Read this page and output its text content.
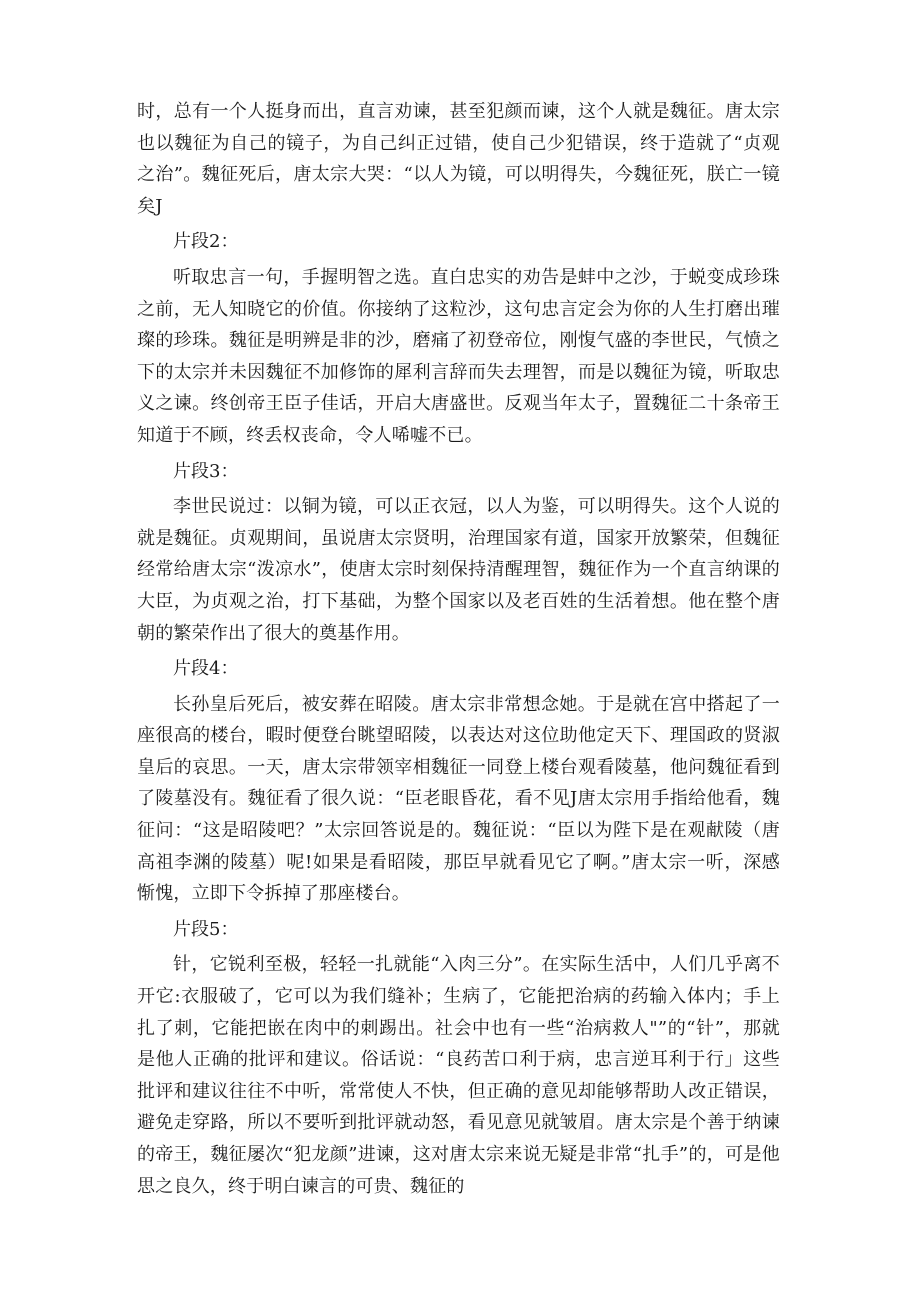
时，总有一个人挺身而出，直言劝谏，甚至犯颜而谏，这个人就是魏征。唐太宗也以魏征为自己的镜子，为自己纠正过错，使自己少犯错误，终于造就了“贞观之治”。魏征死后，唐太宗大哭：“以人为镜，可以明得失，今魏征死，朕亡一镜矣J

片段2：

听取忠言一句，手握明智之选。直白忠实的劝告是蚌中之沙，于蜕变成珍珠之前，无人知晓它的价值。你接纳了这粒沙，这句忠言定会为你的人生打磨出璀璨的珍珠。魏征是明辨是非的沙，磨痛了初登帝位，刚愎气盛的李世民，气愤之下的太宗并未因魏征不加修饰的犀利言辞而失去理智，而是以魏征为镜，听取忠义之谏。终创帝王臣子佳话，开启大唐盛世。反观当年太子，置魏征二十条帝王知道于不顾，终丢权丧命，令人唏嘘不已。

片段3：

李世民说过：以铜为镜，可以正衣冠，以人为鉴，可以明得失。这个人说的就是魏征。贞观期间，虽说唐太宗贤明，治理国家有道，国家开放繁荣，但魏征经常给唐太宗“泼凉水”，使唐太宗时刻保持清醒理智，魏征作为一个直言纳课的大臣，为贞观之治，打下基础，为整个国家以及老百姓的生活着想。他在整个唐朝的繁荣作出了很大的奠基作用。

片段4：

长孙皇后死后，被安葬在昭陵。唐太宗非常想念她。于是就在宫中搭起了一座很高的楼台，暇时便登台眺望昭陵，以表达对这位助他定天下、理国政的贤淑皇后的哀思。一天，唐太宗带领宰相魏征一同登上楼台观看陵墓，他问魏征看到了陵墓没有。魏征看了很久说：“臣老眼昏花，看不见J唐太宗用手指给他看，魏征问：“这是昭陵吧？”太宗回答说是的。魏征说：“臣以为陛下是在观献陵（唐高祖李渊的陵墓）呢!如果是看昭陵，那臣早就看见它了啊。”唐太宗一听，深感惭愧，立即下令拆掉了那座楼台。

片段5：

针，它锐利至极，轻轻一扎就能“入肉三分”。在实际生活中，人们几乎离不开它:衣服破了，它可以为我们缝补；生病了，它能把治病的药输入体内；手上扎了刺，它能把嵌在肉中的刺踢出。社会中也有一些“治病救人"”的“针”，那就是他人正确的批评和建议。俗话说：“良药苦口利于病，忠言逆耳利于行」这些批评和建议往往不中听，常常使人不快，但正确的意见却能够帮助人改正错误，避免走穿路，所以不要听到批评就动怒，看见意见就皱眉。唐太宗是个善于纳谏的帝王，魏征屡次“犯龙颜”进谏，这对唐太宗来说无疑是非常“扎手”的，可是他思之良久，终于明白谏言的可贵、魏征的
